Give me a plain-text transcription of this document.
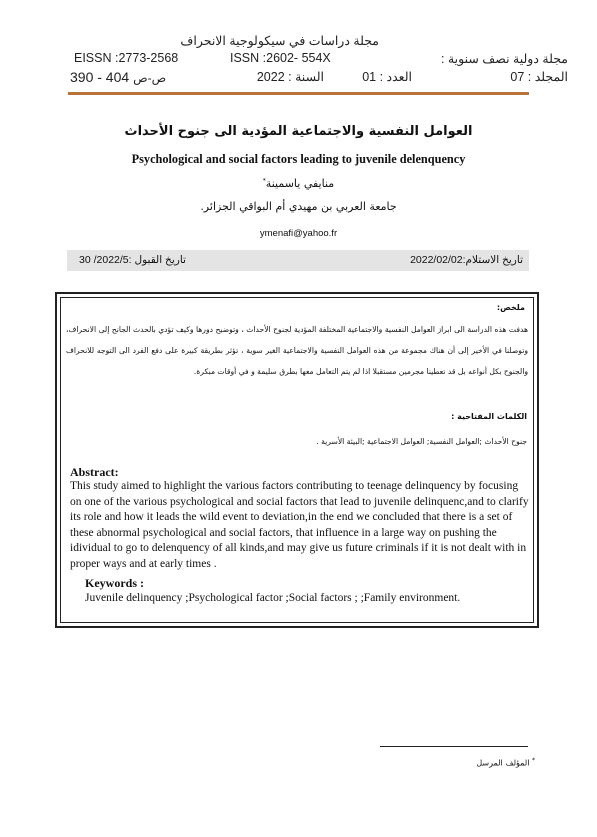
مجلة دراسات في سيكولوجية الانحراف
مجلة دولية نصف سنوية :
ISSN :2602- 554X
EISSN :2773-2568
المجلد : 07
العدد : 01
السنة : 2022
390 - 404 ص-ص
العوامل النفسية والاجتماعية المؤدية الى جنوح الأحداث
Psychological and social factors leading to juvenile delenquency
منايفي ياسمينة*
جامعة العربي بن مهيدي أم البواقي الجزائر.
ymenafi@yahoo.fr
تاريخ الاستلام:2022/02/02
تاريخ القبول :2022/5/ 30
ملخص:
هدفت هذه الدراسة الى ابراز العوامل النفسية والاجتماعية المختلفة المؤدية لجنوح الأحداث ، وتوضيح دورها وكيف تؤدي بالحدث الجانح إلى الانحراف، وتوصلنا في الأخير إلى أن هناك مجموعة من هذه العوامل النفسية والاجتماعية الغير سوية ، تؤثر بطريقة كبيرة على دفع الفرد الى التوجه للانحراف والجنوح بكل أنواعه بل قد تعطينا مجرمين مستقبلا اذا لم يتم التعامل معها بطرق سليمة و في أوقات مبكرة.
الكلمات المفتاحية :
جنوح الأحداث ;العوامل النفسية; العوامل الاجتماعية ;البيئة الأسرية .
Abstract:
This study aimed to highlight the various factors contributing to teenage delinquency by focusing on one of the various psychological and social factors that lead to juvenile delinquenc,and to clarify its role and how it leads the wild event to deviation,in the end we concluded that there is a set of these abnormal psychological and social factors, that influence in a large way on pushing the idividual to go to delenquency of all kinds,and may give us future criminals if it is not dealt with in proper ways and at early times .
Keywords :
Juvenile delinquency ;Psychological factor ;Social factors ; ;Family environment.
* المؤلف المرسل
